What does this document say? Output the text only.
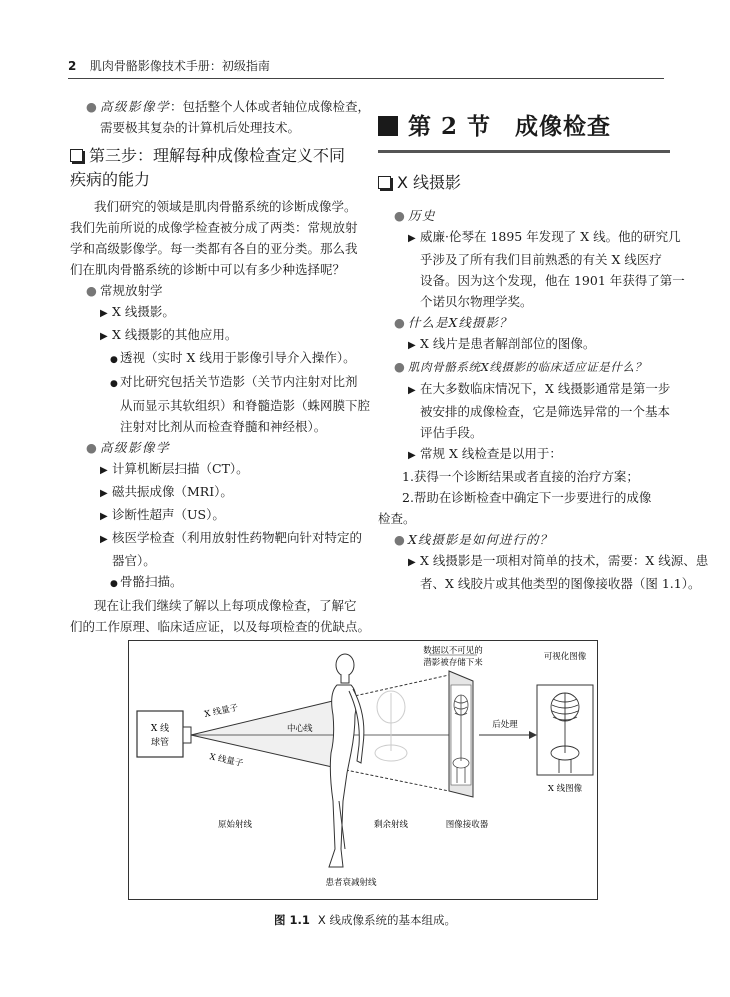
2 肌肉骨骼影像技术手册：初级指南
● 高级影像学：包括整个人体或者轴位成像检查，
需要极其复杂的计算机后处理技术。
第三步：理解每种成像检查定义不同
疾病的能力
我们研究的领域是肌肉骨骼系统的诊断成像学。
我们先前所说的成像学检查被分成了两类：常规放射
学和高级影像学。每一类都有各自的亚分类。那么我
们在肌肉骨骼系统的诊断中可以有多少种选择呢？
● 常规放射学
▶ X 线摄影。
▶ X 线摄影的其他应用。
● 透视（实时 X 线用于影像引导介入操作）。
● 对比研究包括关节造影（关节内注射对比剂
从而显示其软组织）和脊髓造影（蛛网膜下腔
注射对比剂从而检查脊髓和神经根）。
● 高级影像学
▶ 计算机断层扫描（CT）。
▶ 磁共振成像（MRI）。
▶ 诊断性超声（US）。
▶ 核医学检查（利用放射性药物靶向针对特定的
器官）。
● 骨骼扫描。
现在让我们继续了解以上每项成像检查，了解它
们的工作原理、临床适应证，以及每项检查的优缺点。
第 2 节　成像检查
X 线摄影
● 历史
▶ 威廉·伦琴在 1895 年发现了 X 线。他的研究几
乎涉及了所有我们目前熟悉的有关 X 线医疗
设备。因为这个发现，他在 1901 年获得了第一
个诺贝尔物理学奖。
● 什么是X线摄影？
▶ X 线片是患者解剖部位的图像。
● 肌肉骨骼系统X线摄影的临床适应证是什么？
▶ 在大多数临床情况下，X 线摄影通常是第一步
被安排的成像检查，它是筛选异常的一个基本
评估手段。
▶ 常规 X 线检查是以用于：
1.获得一个诊断结果或者直接的治疗方案；
2.帮助在诊断检查中确定下一步要进行的成像
检查。
● X线摄影是如何进行的？
▶ X 线摄影是一项相对简单的技术，需要：X 线源、患
者、X 线胶片或其他类型的图像接收器（图 1.1）。
X 线
球管
X 线量子
X 线量子
中心线
数据以不可见的
潜影被存储下来
后处理
可视化图像
X 线图像
原始射线	剩余射线	图像接收器
患者衰减射线
图 1.1 X 线成像系统的基本组成。
